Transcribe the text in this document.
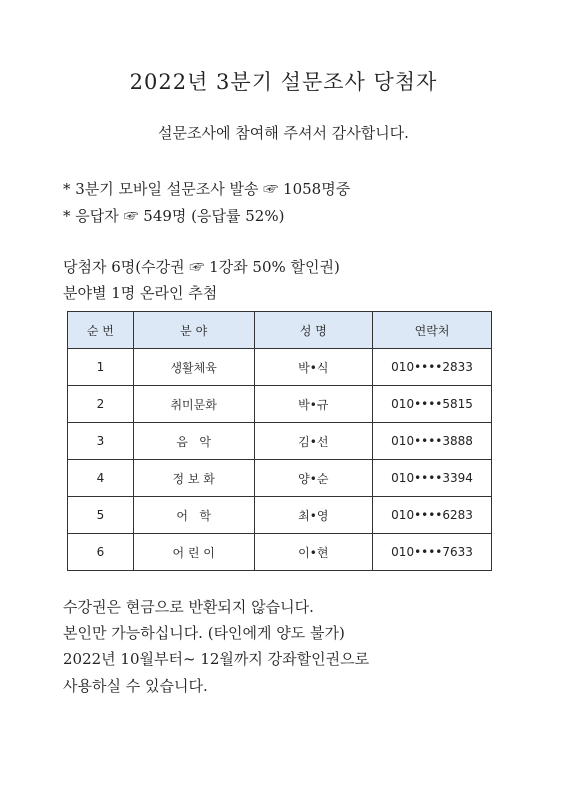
2022년 3분기 설문조사 당첨자
설문조사에 참여해 주셔서 감사합니다.
* 3분기 모바일 설문조사 발송 ☞ 1058명중
* 응답자 ☞ 549명 (응답률 52%)
당첨자 6명(수강권 ☞ 1강좌 50% 할인권)
분야별 1명 온라인 추첨
순 번	분 야	성 명	연락처
1	생활체육	박•식	010••••2833
2	취미문화	박•규	010••••5815
3	음   악	김•선	010••••3888
4	정 보 화	양•순	010••••3394
5	어   학	최•영	010••••6283
6	어 린 이	이•현	010••••7633
수강권은 현금으로 반환되지 않습니다.
본인만 가능하십니다. (타인에게 양도 불가)
2022년 10월부터~ 12월까지 강좌할인권으로
사용하실 수 있습니다.
